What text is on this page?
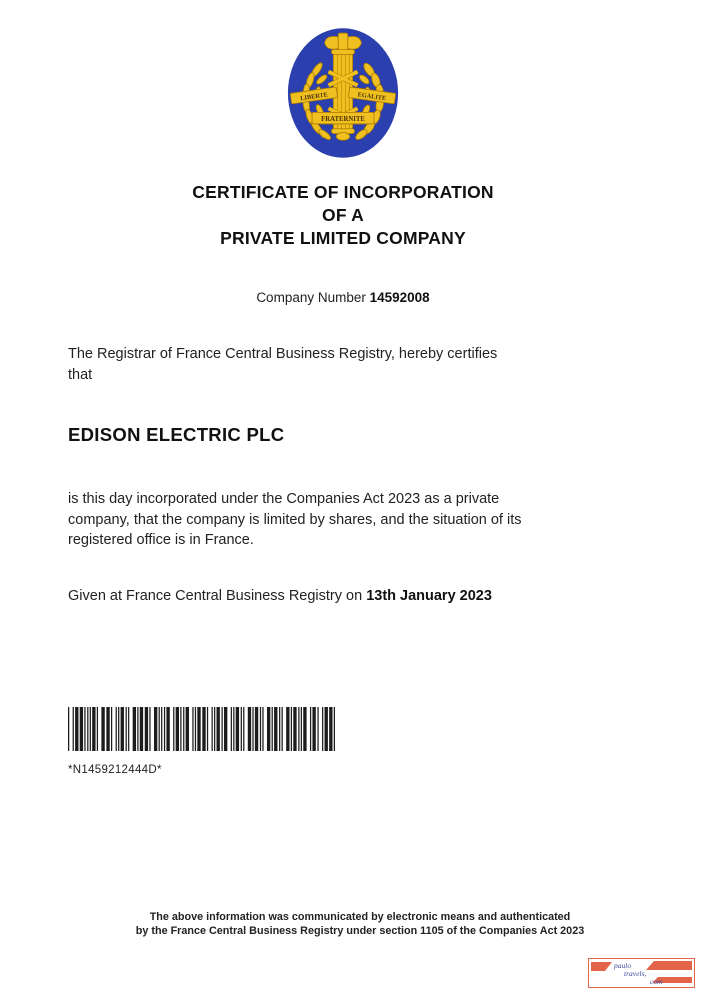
LIBERTE	EGALITE
FRATERNITE
CERTIFICATE OF INCORPORATION
OF A
PRIVATE LIMITED COMPANY
Company Number 14592008
The Registrar of France Central Business Registry, hereby certifies
that
EDISON ELECTRIC PLC
is this day incorporated under the Companies Act 2023 as a private
company, that the company is limited by shares, and the situation of its
registered office is in France.
Given at France Central Business Registry on 13th January 2023
*N1459212444D*
The above information was communicated by electronic means and authenticated
by the France Central Business Registry under section 1105 of the Companies Act 2023
paulo
travels,
com
